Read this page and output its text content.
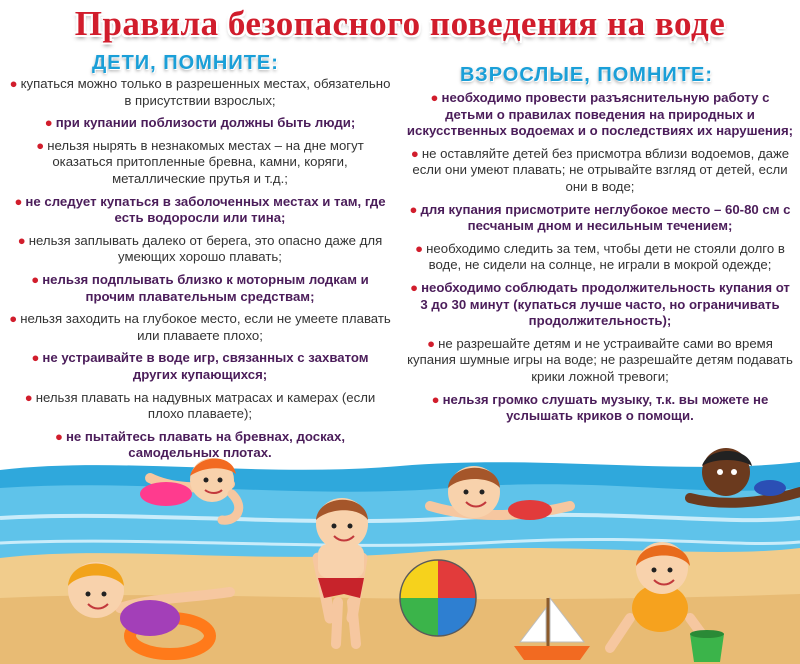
Правила безопасного поведения на воде
ДЕТИ, ПОМНИТЕ:
ВЗРОСЛЫЕ, ПОМНИТЕ:

● купаться можно только в разрешенных местах, обязательно в присутствии взрослых;

● при купании поблизости должны быть люди;

● нельзя нырять в незнакомых местах – на дне могут оказаться притопленные бревна, камни, коряги, металлические прутья и т.д.;

● не следует купаться в заболоченных местах и там, где есть водоросли или тина;

● нельзя заплывать далеко от берега, это опасно даже для умеющих хорошо плавать;

● нельзя подплывать близко к моторным лодкам и прочим плавательным средствам;

● нельзя заходить на глубокое место, если не умеете плавать или плаваете плохо;

● не устраивайте в воде игр, связанных с захватом других купающихся;

● нельзя плавать на надувных матрасах и камерах (если плохо плаваете);

● не пытайтесь плавать на бревнах, досках, самодельных плотах.

● необходимо провести разъяснительную работу с детьми о правилах поведения на природных и искусственных водоемах и о последствиях их нарушения;

● не оставляйте детей без присмотра вблизи водоемов, даже если они умеют плавать; не отрывайте взгляд от детей, если они в воде;

● для купания присмотрите неглубокое место – 60-80 см с песчаным дном и несильным течением;

● необходимо следить за тем, чтобы дети не стояли долго в воде, не сидели на солнце, не играли в мокрой одежде;

● необходимо соблюдать продолжительность купания от 3 до 30 минут (купаться лучше часто, но ограничивать продолжительность);

● не разрешайте детям и не устраивайте сами во время купания шумные игры на воде; не разрешайте детям подавать крики ложной тревоги;

● нельзя громко слушать музыку, т.к. вы можете не услышать криков о помощи.
